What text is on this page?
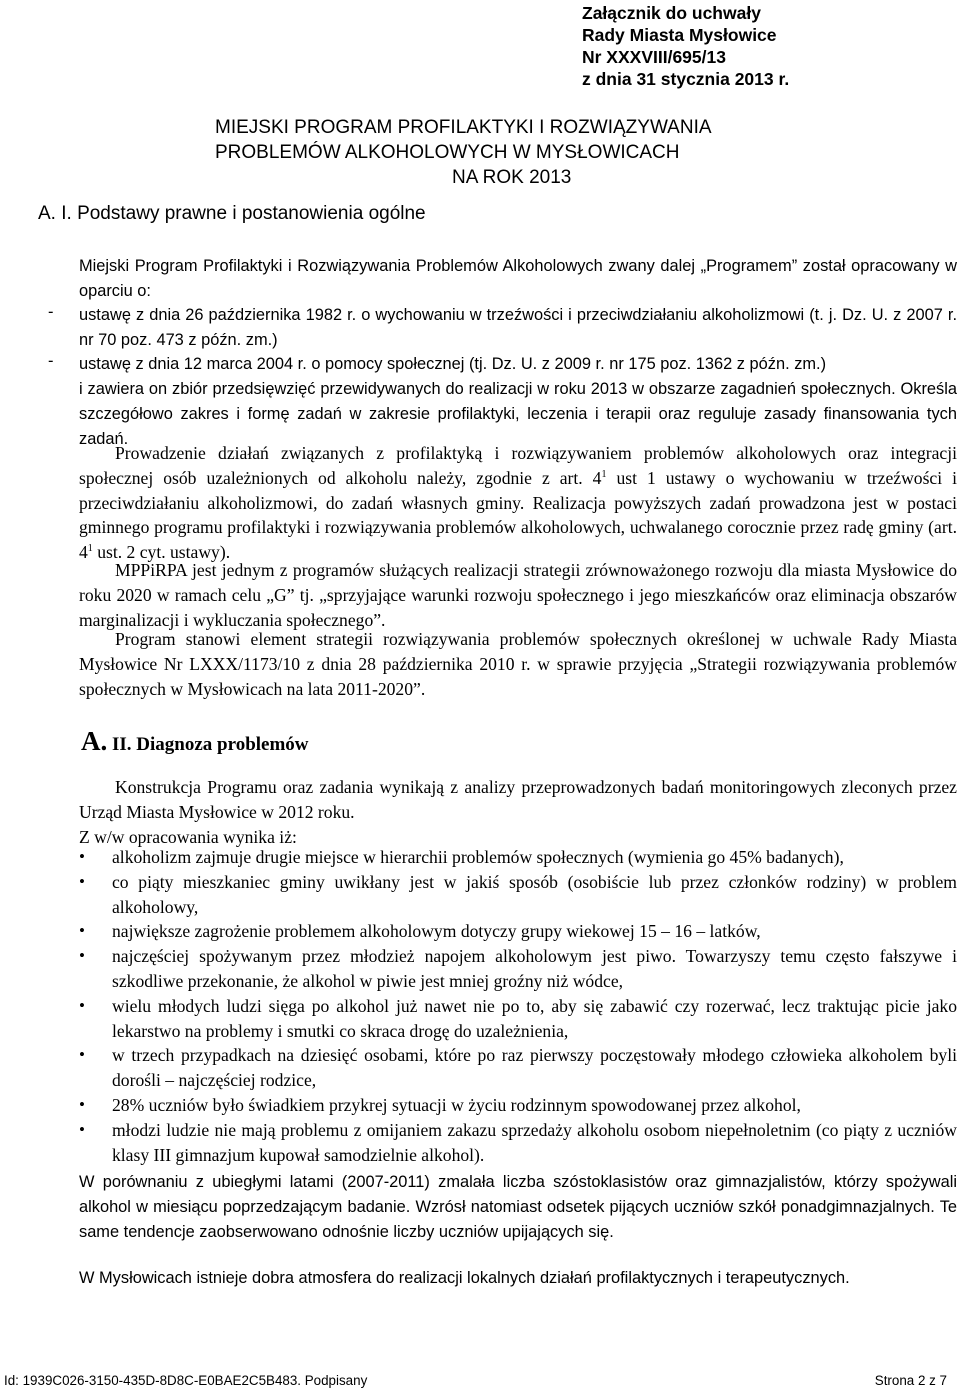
Załącznik do uchwały
Rady Miasta Mysłowice
Nr XXXVIII/695/13
z dnia 31 stycznia 2013 r.
MIEJSKI PROGRAM PROFILAKTYKI I ROZWIĄZYWANIA
PROBLEMÓW ALKOHOLOWYCH W MYSŁOWICACH
NA ROK 2013
A. I. Podstawy prawne i postanowienia ogólne
Miejski Program Profilaktyki i Rozwiązywania Problemów Alkoholowych zwany dalej „Programem” został opracowany w oparciu o:
- ustawę z dnia 26 października 1982 r. o wychowaniu w trzeźwości i przeciwdziałaniu alkoholizmowi (t. j. Dz. U. z 2007 r. nr 70 poz. 473 z późn. zm.)
- ustawę z dnia 12 marca 2004 r. o pomocy społecznej (tj. Dz. U. z 2009 r. nr 175 poz. 1362 z późn. zm.)
i zawiera on zbiór przedsięwzięć przewidywanych do realizacji w roku 2013 w obszarze zagadnień społecznych. Określa szczegółowo zakres i formę zadań w zakresie profilaktyki, leczenia i terapii oraz reguluje zasady finansowania tych zadań.
Prowadzenie działań związanych z profilaktyką i rozwiązywaniem problemów alkoholowych oraz integracji społecznej osób uzależnionych od alkoholu należy, zgodnie z art. $4^1$ ust 1 ustawy o wychowaniu w trzeźwości i przeciwdziałaniu alkoholizmowi, do zadań własnych gminy. Realizacja powyższych zadań prowadzona jest w postaci gminnego programu profilaktyki i rozwiązywania problemów alkoholowych, uchwalanego corocznie przez radę gminy (art. $4^1$ ust. 2 cyt. ustawy).
MPPiRPA jest jednym z programów służących realizacji strategii zrównoważonego rozwoju dla miasta Mysłowice do roku 2020 w ramach celu „G” tj. „sprzyjające warunki rozwoju społecznego i jego mieszkańców oraz eliminacja obszarów marginalizacji i wykluczania społecznego”.
Program stanowi element strategii rozwiązywania problemów społecznych określonej w uchwale Rady Miasta Mysłowice Nr LXXX/1173/10 z dnia 28 października 2010 r. w sprawie przyjęcia „Strategii rozwiązywania problemów społecznych w Mysłowicach na lata 2011-2020”.
A. II. Diagnoza problemów
Konstrukcja Programu oraz zadania wynikają z analizy przeprowadzonych badań monitoringowych zleconych przez Urząd Miasta Mysłowice w 2012 roku.
Z w/w opracowania wynika iż:
• alkoholizm zajmuje drugie miejsce w hierarchii problemów społecznych (wymienia go 45% badanych),
• co piąty mieszkaniec gminy uwikłany jest w jakiś sposób (osobiście lub przez członków rodziny) w problem alkoholowy,
• największe zagrożenie problemem alkoholowym dotyczy grupy wiekowej 15 – 16 – latków,
• najczęściej spożywanym przez młodzież napojem alkoholowym jest piwo. Towarzyszy temu często fałszywe i szkodliwe przekonanie, że alkohol w piwie jest mniej groźny niż wódce,
• wielu młodych ludzi sięga po alkohol już nawet nie po to, aby się zabawić czy rozerwać, lecz traktując picie jako lekarstwo na problemy i smutki co skraca drogę do uzależnienia,
• w trzech przypadkach na dziesięć osobami, które po raz pierwszy poczęstowały młodego człowieka alkoholem byli dorośli – najczęściej rodzice,
• 28% uczniów było świadkiem przykrej sytuacji w życiu rodzinnym spowodowanej przez alkohol,
• młodzi ludzie nie mają problemu z omijaniem zakazu sprzedaży alkoholu osobom niepełnoletnim (co piąty z uczniów klasy III gimnazjum kupował samodzielnie alkohol).
W porównaniu z ubiegłymi latami (2007-2011) zmalała liczba szóstoklasistów oraz gimnazjalistów, którzy spożywali alkohol w miesiącu poprzedzającym badanie. Wzrósł natomiast odsetek pijących uczniów szkół ponadgimnazjalnych. Te same tendencje zaobserwowano odnośnie liczby uczniów upijających się.
W Mysłowicach istnieje dobra atmosfera do realizacji lokalnych działań profilaktycznych i terapeutycznych.
Id: 1939C026-3150-435D-8D8C-E0BAE2C5B483. Podpisany	Strona 2 z 7
